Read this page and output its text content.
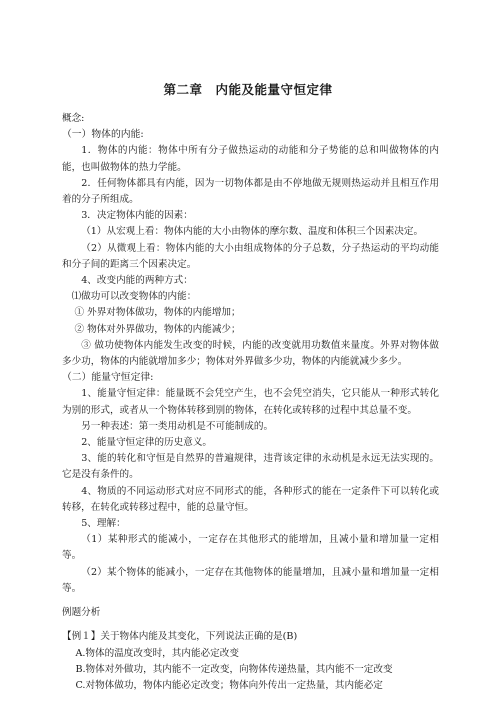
第二章　内能及能量守恒定律

概念:

（一）物体的内能:

1．物体的内能：物体中所有分子做热运动的动能和分子势能的总和叫做物体的内能，也叫做物体的热力学能。

2．任何物体都具有内能，因为一切物体都是由不停地做无规则热运动并且相互作用着的分子所组成。

3．决定物体内能的因素：

（1）从宏观上看：物体内能的大小由物体的摩尔数、温度和体积三个因素决定。

（2）从微观上看：物体内能的大小由组成物体的分子总数，分子热运动的平均动能和分子间的距离三个因素决定。

4、改变内能的两种方式：

⑴做功可以改变物体的内能：

① 外界对物体做功，物体的内能增加；

② 物体对外界做功，物体的内能减少；

③ 做功使物体内能发生改变的时候，内能的改变就用功数值来量度。外界对物体做多少功，物体的内能就增加多少；物体对外界做多少功，物体的内能就减少多少。

（二）能量守恒定律:

1、能量守恒定律：能量既不会凭空产生，也不会凭空消失，它只能从一种形式转化为别的形式，或者从一个物体转移到别的物体，在转化或转移的过程中其总量不变。

另一种表述：第一类用动机是不可能制成的。

2、能量守恒定律的历史意义。

3、能的转化和守恒是自然界的普遍规律，违背该定律的永动机是永远无法实现的。它是没有条件的。

4、物质的不同运动形式对应不同形式的能，各种形式的能在一定条件下可以转化或转移，在转化或转移过程中，能的总量守恒。

5、理解：

（1）某种形式的能减小，一定存在其他形式的能增加，且减小量和增加量一定相等。

（2）某个物体的能减小，一定存在其他物体的能量增加，且减小量和增加量一定相等。

例题分析

【例１】关于物体内能及其变化，下列说法正确的是(B)

A.物体的温度改变时，其内能必定改变

B.物体对外做功，其内能不一定改变，向物体传递热量，其内能不一定改变

C.对物体做功，物体内能必定改变；物体向外传出一定热量，其内能必定
